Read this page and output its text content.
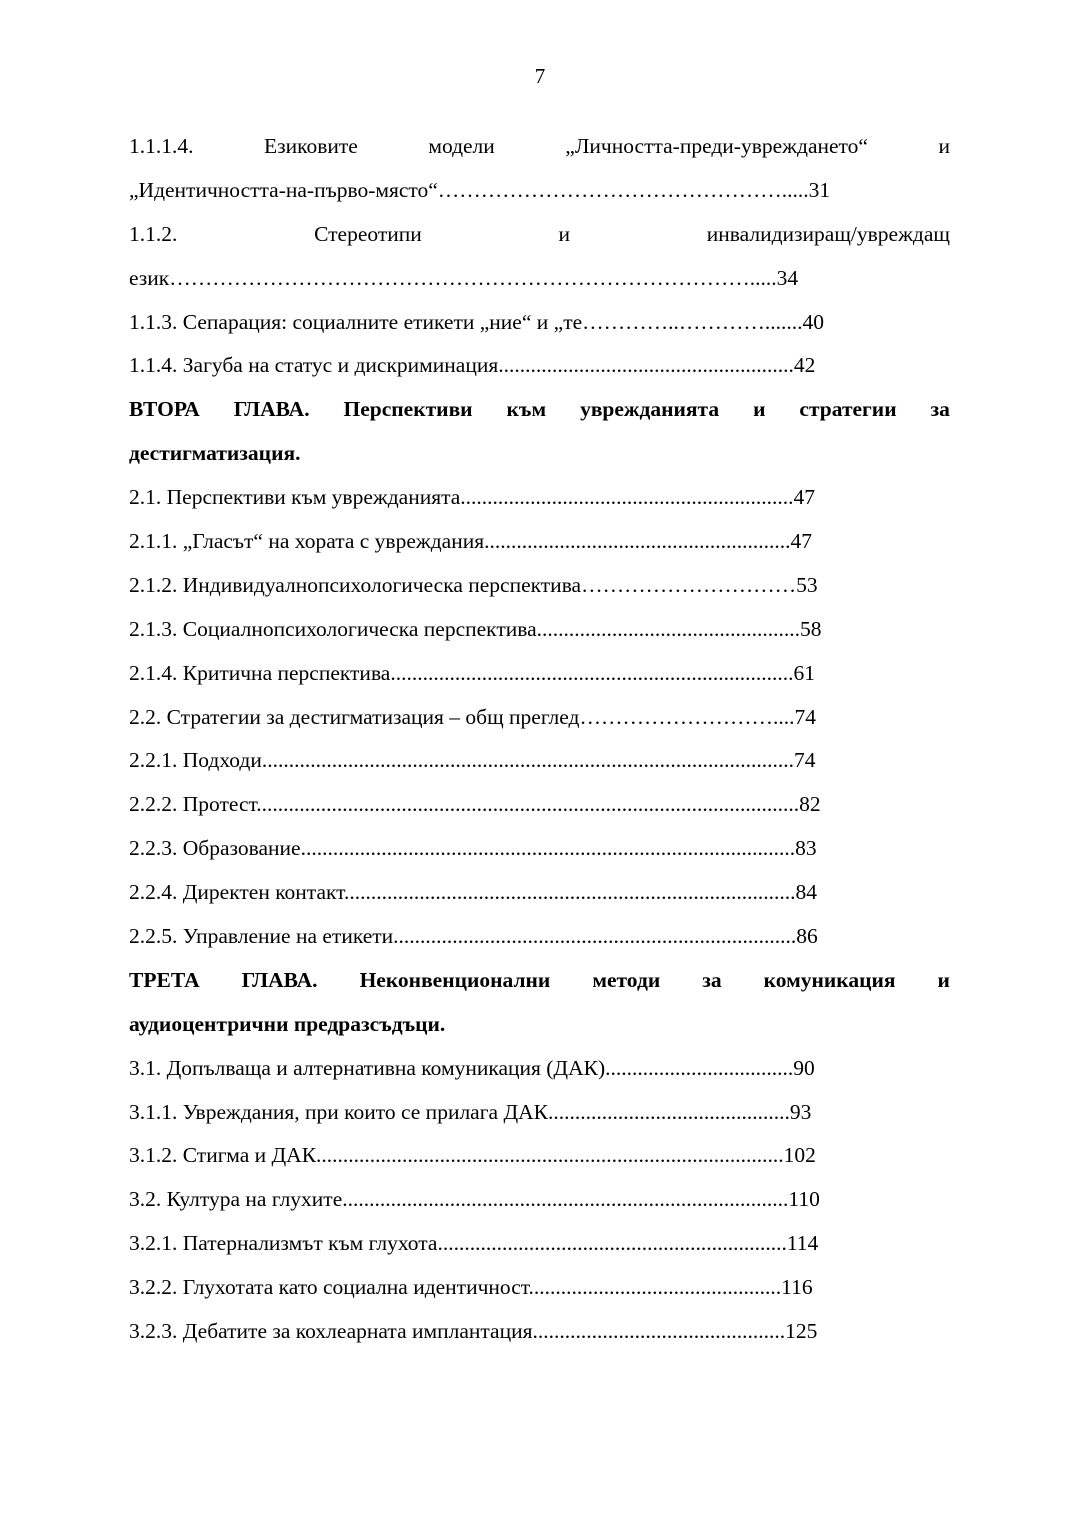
7
1.1.1.4.	Езиковите	модели	„Личността-преди-увреждането“	и
„Идентичността-на-първо-място“………………………………………….....31
1.1.2.	Стереотипи	и	инвалидизиращ/увреждащ
език……………………………………………………………………….....34
1.1.3. Сепарация: социалните етикети „ние“ и „те…………..………….......40
1.1.4. Загуба на статус и дискриминация.......................................................42
ВТОРА ГЛАВА. Перспективи към уврежданията и стратегии за
дестигматизация.
2.1. Перспективи към уврежданията..............................................................47
2.1.1. „Гласът“ на хората с увреждания.........................................................47
2.1.2. Индивидуалнопсихологическа перспектива…………………………53
2.1.3. Социалнопсихологическа перспектива.................................................58
2.1.4. Критична перспектива...........................................................................61
2.2. Стратегии за дестигматизация – общ преглед………………………....74
2.2.1. Подходи...................................................................................................74
2.2.2. Протест.....................................................................................................82
2.2.3. Образование............................................................................................83
2.2.4. Директен контакт....................................................................................84
2.2.5. Управление на етикети...........................................................................86
ТРЕТА ГЛАВА. Неконвенционални методи за комуникация и
аудиоцентрични предразсъдъци.
3.1. Допълваща и алтернативна комуникация (ДАК)...................................90
3.1.1. Увреждания, при които се прилага ДАК.............................................93
3.1.2. Стигма и ДАК.......................................................................................102
3.2. Култура на глухите...................................................................................110
3.2.1. Патернализмът към глухота.................................................................114
3.2.2. Глухотата като социална идентичност...............................................116
3.2.3. Дебатите за кохлеарната имплантация...............................................125
